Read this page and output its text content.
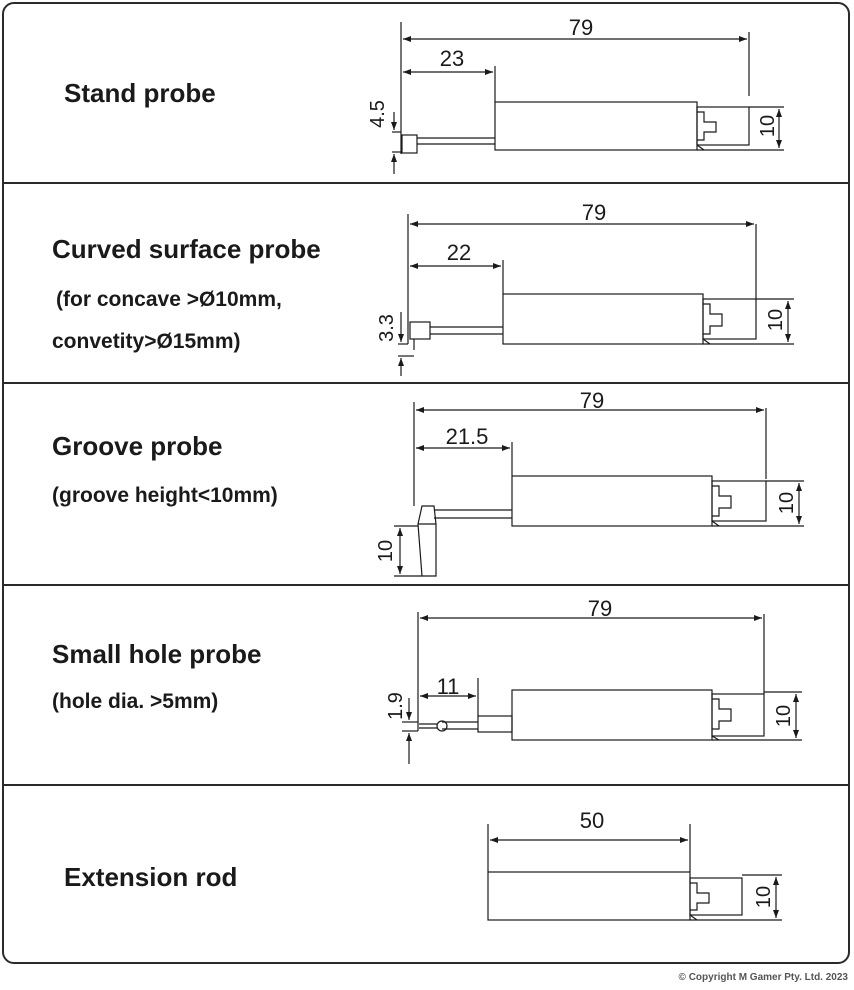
Stand probe
79
23
4.5	10
Curved surface probe
(for concave >Ø10mm,
convetity>Ø15mm)
79
22
3.3	10
Groove probe
(groove height<10mm)
79
21.5
10
10
Small hole probe
(hole dia. >5mm)
79
11
1.9	10
Extension rod
50
10
© Copyright M Gamer Pty. Ltd. 2023
